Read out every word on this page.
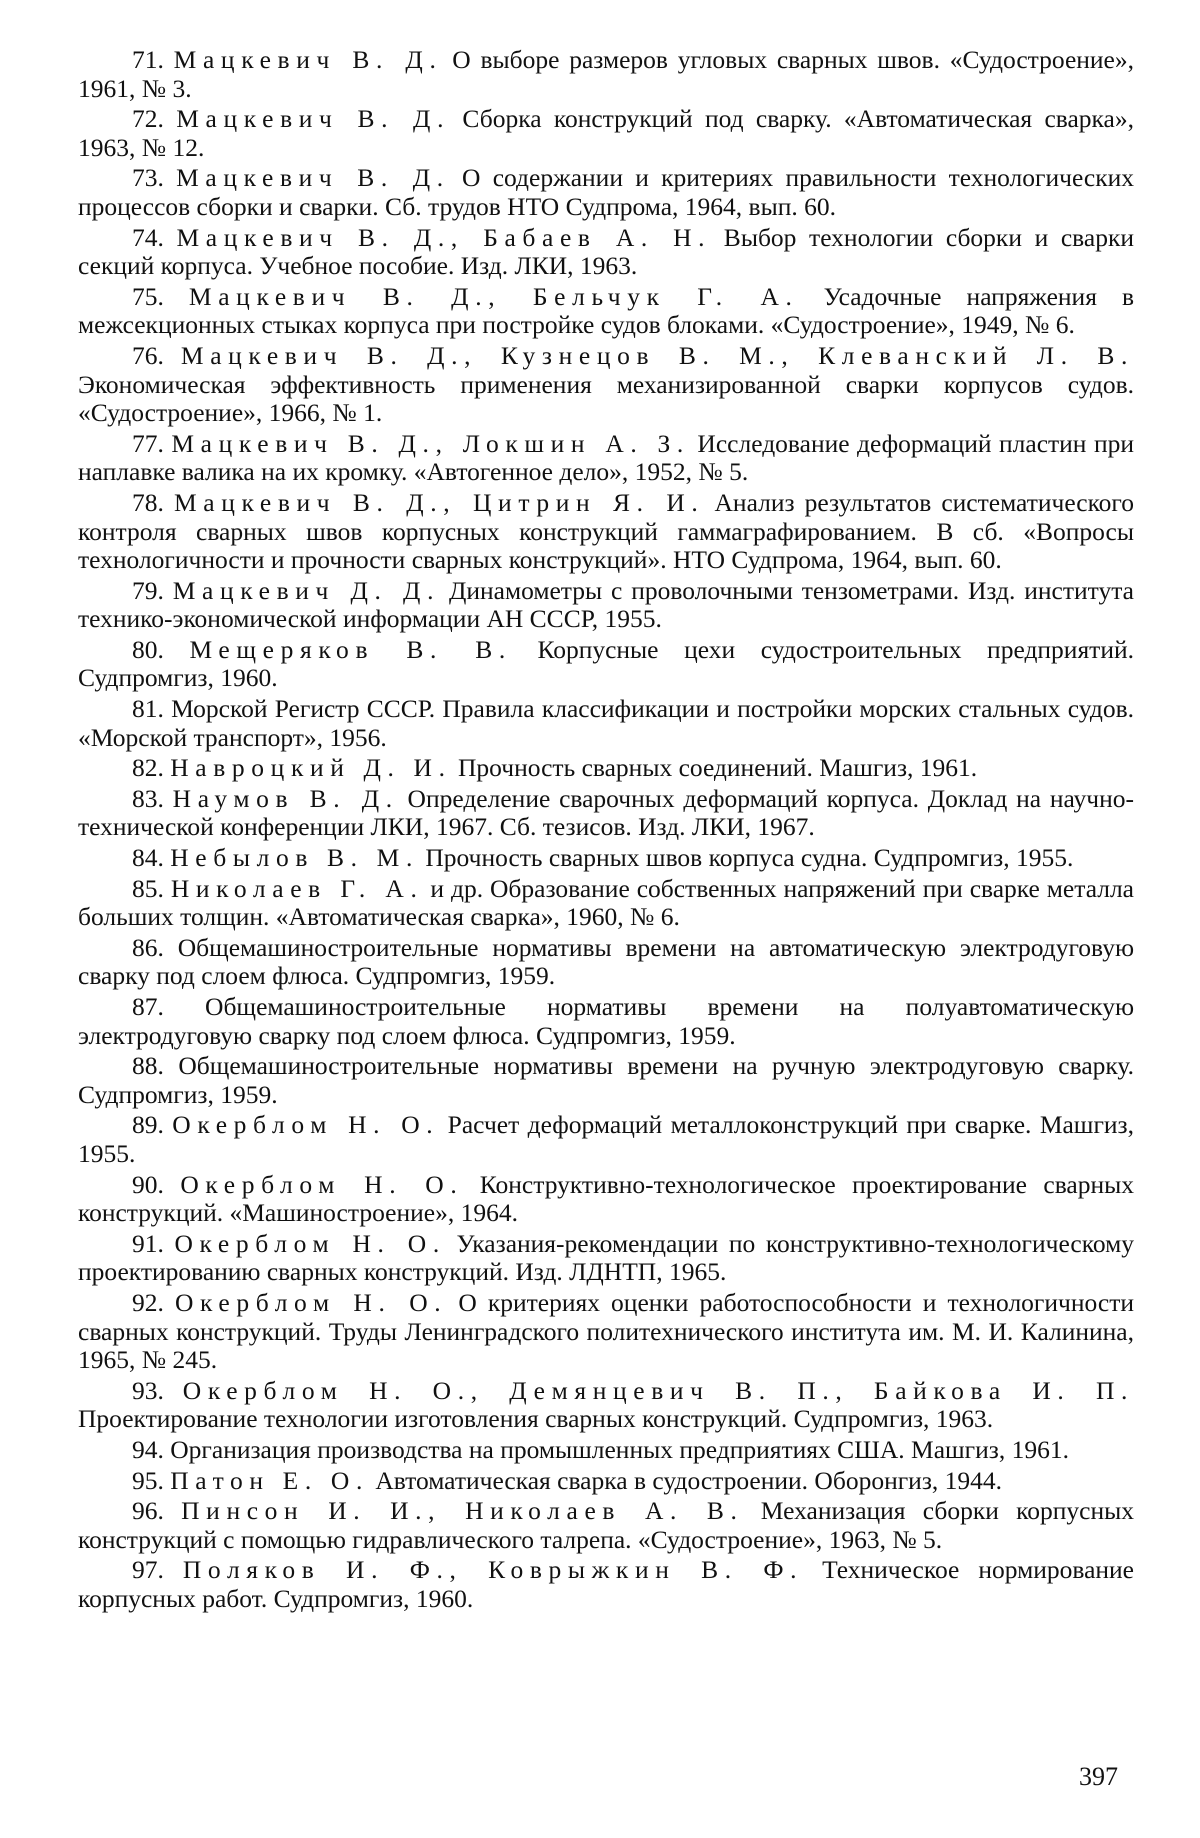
71. Мацкевич В. Д. О выборе размеров угловых сварных швов. «Судостроение», 1961, № 3.

72. Мацкевич В. Д. Сборка конструкций под сварку. «Автоматическая сварка», 1963, № 12.

73. Мацкевич В. Д. О содержании и критериях правильности технологических процессов сборки и сварки. Сб. трудов НТО Судпрома, 1964, вып. 60.

74. Мацкевич В. Д., Бабаев А. Н. Выбор технологии сборки и сварки секций корпуса. Учебное пособие. Изд. ЛКИ, 1963.

75. Мацкевич В. Д., Бельчук Г. А. Усадочные напряжения в межсекционных стыках корпуса при постройке судов блоками. «Судостроение», 1949, № 6.

76. Мацкевич В. Д., Кузнецов В. М., Клеванский Л. В. Экономическая эффективность применения механизированной сварки корпусов судов. «Судостроение», 1966, № 1.

77. Мацкевич В. Д., Локшин А. З. Исследование деформаций пластин при наплавке валика на их кромку. «Автогенное дело», 1952, № 5.

78. Мацкевич В. Д., Цитрин Я. И. Анализ результатов систематического контроля сварных швов корпусных конструкций гаммаграфированием. В сб. «Вопросы технологичности и прочности сварных конструкций». НТО Судпрома, 1964, вып. 60.

79. Мацкевич Д. Д. Динамометры с проволочными тензометрами. Изд. института технико-экономической информации АН СССР, 1955.

80. Мещеряков В. В. Корпусные цехи судостроительных предприятий. Судпромгиз, 1960.

81. Морской Регистр СССР. Правила классификации и постройки морских стальных судов. «Морской транспорт», 1956.

82. Навроцкий Д. И. Прочность сварных соединений. Машгиз, 1961.

83. Наумов В. Д. Определение сварочных деформаций корпуса. Доклад на научно-технической конференции ЛКИ, 1967. Сб. тезисов. Изд. ЛКИ, 1967.

84. Небылов В. М. Прочность сварных швов корпуса судна. Судпромгиз, 1955.

85. Николаев Г. А. и др. Образование собственных напряжений при сварке металла больших толщин. «Автоматическая сварка», 1960, № 6.

86. Общемашиностроительные нормативы времени на автоматическую электродуговую сварку под слоем флюса. Судпромгиз, 1959.

87. Общемашиностроительные нормативы времени на полуавтоматическую электродуговую сварку под слоем флюса. Судпромгиз, 1959.

88. Общемашиностроительные нормативы времени на ручную электродуговую сварку. Судпромгиз, 1959.

89. Окерблом Н. О. Расчет деформаций металлоконструкций при сварке. Машгиз, 1955.

90. Окерблом Н. О. Конструктивно-технологическое проектирование сварных конструкций. «Машиностроение», 1964.

91. Окерблом Н. О. Указания-рекомендации по конструктивно-технологическому проектированию сварных конструкций. Изд. ЛДНТП, 1965.

92. Окерблом Н. О. О критериях оценки работоспособности и технологичности сварных конструкций. Труды Ленинградского политехнического института им. М. И. Калинина, 1965, № 245.

93. Окерблом Н. О., Демянцевич В. П., Байкова И. П. Проектирование технологии изготовления сварных конструкций. Судпромгиз, 1963.

94. Организация производства на промышленных предприятиях США. Машгиз, 1961.

95. Патон Е. О. Автоматическая сварка в судостроении. Оборонгиз, 1944.

96. Пинсон И. И., Николаев А. В. Механизация сборки корпусных конструкций с помощью гидравлического талрепа. «Судостроение», 1963, № 5.

97. Поляков И. Ф., Коврыжкин В. Ф. Техническое нормирование корпусных работ. Судпромгиз, 1960.

397
